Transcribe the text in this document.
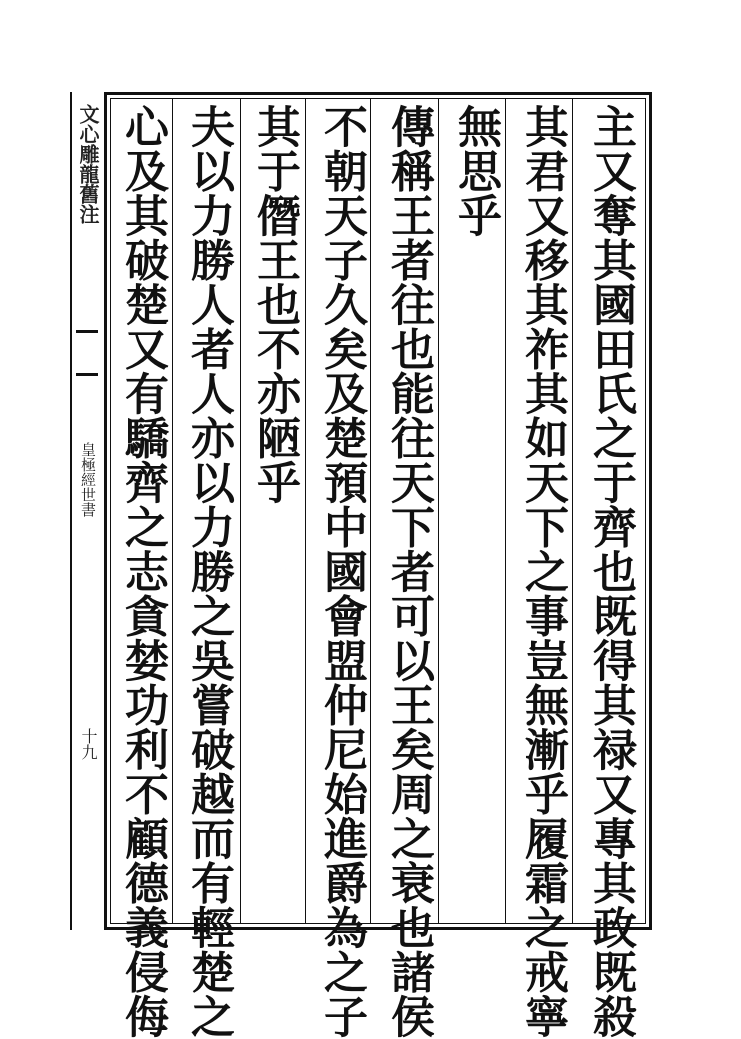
文心雕龍舊注
皇極經世書
十九	主又奪其國田氏之于齊也既得其禄又專其政既殺
其君又移其祚其如天下之事豈無漸乎履霜之戒寧
無思乎
傳稱王者往也能往天下者可以王矣周之衰也諸侯
不朝天子久矣及楚預中國會盟仲尼始進爵為之子
其于僭王也不亦陋乎
夫以力勝人者人亦以力勝之吳嘗破越而有輕楚之
心及其破楚又有驕齊之志貪婪功利不顧德義侵侮
